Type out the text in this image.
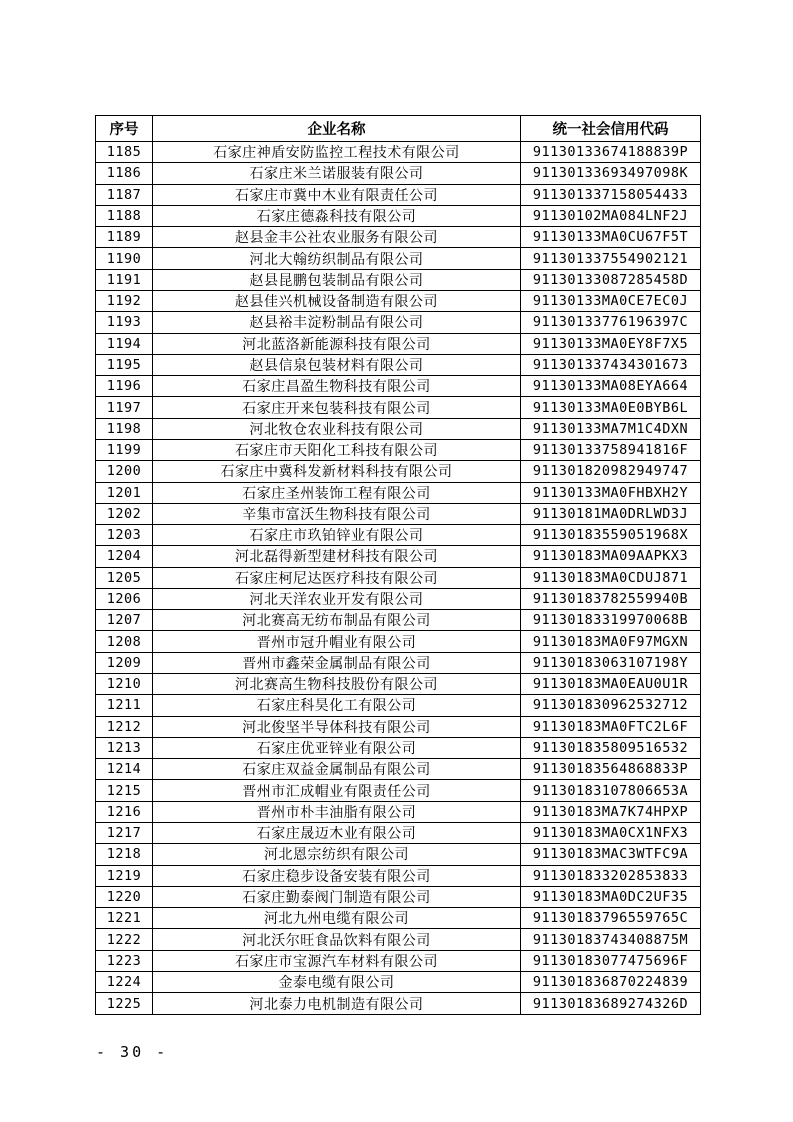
序号	企业名称	统一社会信用代码
1185	石家庄神盾安防监控工程技术有限公司	91130133674188839P
1186	石家庄米兰诺服装有限公司	91130133693497098K
1187	石家庄市冀中木业有限责任公司	911301337158054433
1188	石家庄德淼科技有限公司	91130102MA084LNF2J
1189	赵县金丰公社农业服务有限公司	91130133MA0CU67F5T
1190	河北大翰纺织制品有限公司	911301337554902121
1191	赵县昆鹏包装制品有限公司	91130133087285458D
1192	赵县佳兴机械设备制造有限公司	91130133MA0CE7EC0J
1193	赵县裕丰淀粉制品有限公司	91130133776196397C
1194	河北蓝洛新能源科技有限公司	91130133MA0EY8F7X5
1195	赵县信泉包装材料有限公司	911301337434301673
1196	石家庄昌盈生物科技有限公司	91130133MA08EYA664
1197	石家庄开来包装科技有限公司	91130133MA0E0BYB6L
1198	河北牧仓农业科技有限公司	91130133MA7M1C4DXN
1199	石家庄市天阳化工科技有限公司	91130133758941816F
1200	石家庄中冀科发新材料科技有限公司	911301820982949747
1201	石家庄圣州装饰工程有限公司	91130133MA0FHBXH2Y
1202	辛集市富沃生物科技有限公司	91130181MA0DRLWD3J
1203	石家庄市玖铂锌业有限公司	91130183559051968X
1204	河北磊得新型建材科技有限公司	91130183MA09AAPKX3
1205	石家庄柯尼达医疗科技有限公司	91130183MA0CDUJ871
1206	河北天洋农业开发有限公司	91130183782559940B
1207	河北赛高无纺布制品有限公司	91130183319970068B
1208	晋州市冠升帽业有限公司	91130183MA0F97MGXN
1209	晋州市鑫荣金属制品有限公司	91130183063107198Y
1210	河北赛高生物科技股份有限公司	91130183MA0EAU0U1R
1211	石家庄科昊化工有限公司	911301830962532712
1212	河北俊坚半导体科技有限公司	91130183MA0FTC2L6F
1213	石家庄优亚锌业有限公司	911301835809516532
1214	石家庄双益金属制品有限公司	91130183564868833P
1215	晋州市汇成帽业有限责任公司	91130183107806653A
1216	晋州市朴丰油脂有限公司	91130183MA7K74HPXP
1217	石家庄晟迈木业有限公司	91130183MA0CX1NFX3
1218	河北恩宗纺织有限公司	91130183MAC3WTFC9A
1219	石家庄稳步设备安装有限公司	911301833202853833
1220	石家庄勤泰阀门制造有限公司	91130183MA0DC2UF35
1221	河北九州电缆有限公司	91130183796559765C
1222	河北沃尔旺食品饮料有限公司	91130183743408875M
1223	石家庄市宝源汽车材料有限公司	91130183077475696F
1224	金泰电缆有限公司	911301836870224839
1225	河北泰力电机制造有限公司	91130183689274326D
- 30 -
